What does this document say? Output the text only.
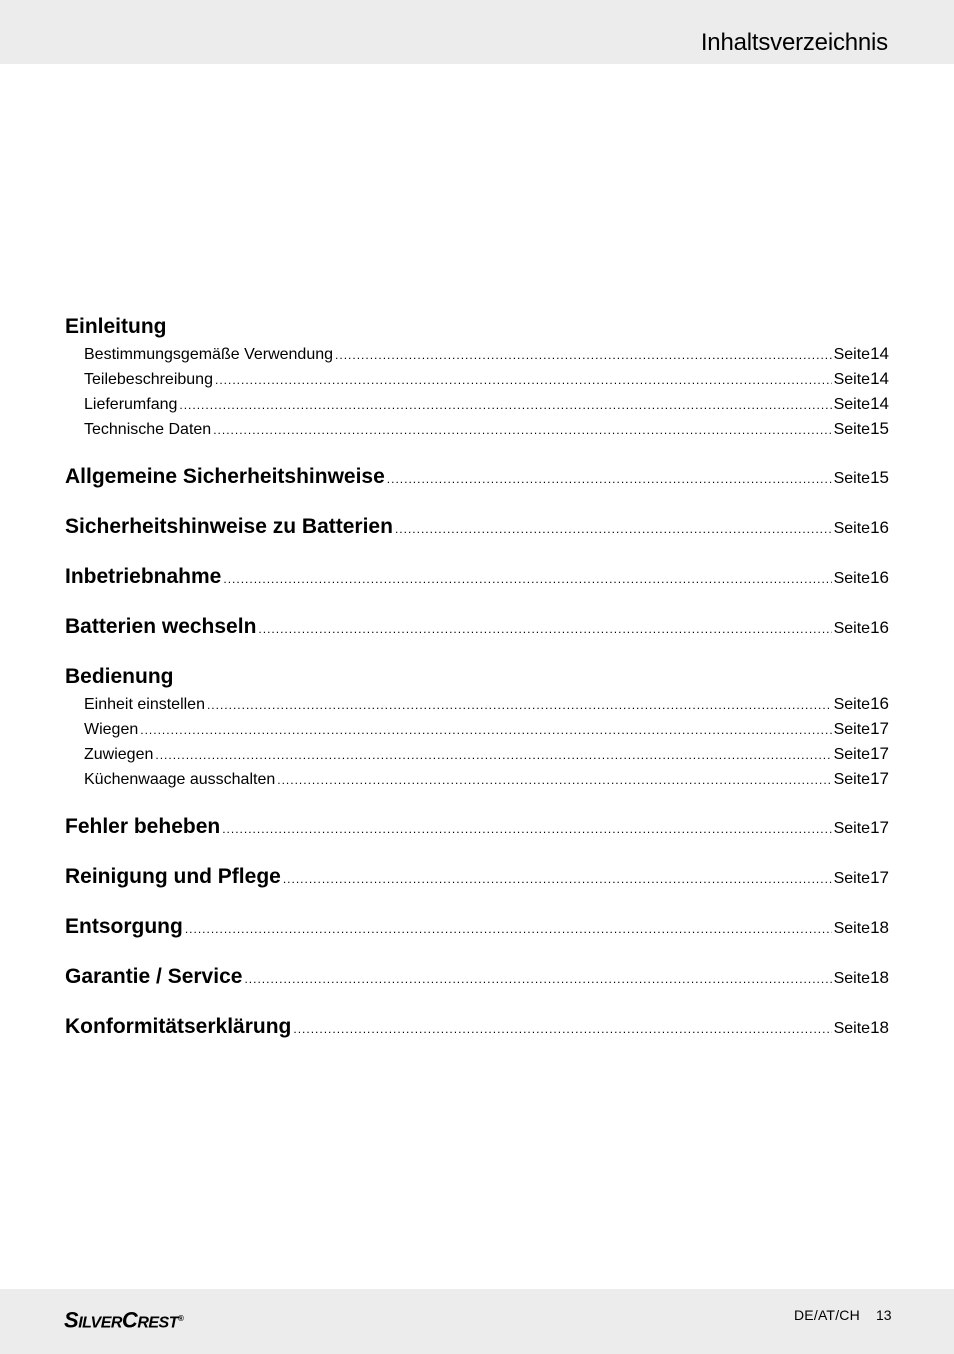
Inhaltsverzeichnis
Einleitung
Bestimmungsgemäße Verwendung .....	Seite 14
Teilebeschreibung .....	Seite 14
Lieferumfang .....	Seite 14
Technische Daten .....	Seite 15
Allgemeine Sicherheitshinweise .....	Seite 15
Sicherheitshinweise zu Batterien .....	Seite 16
Inbetriebnahme .....	Seite 16
Batterien wechseln .....	Seite 16
Bedienung
Einheit einstellen .....	Seite 16
Wiegen .....	Seite 17
Zuwiegen .....	Seite 17
Küchenwaage ausschalten .....	Seite 17
Fehler beheben .....	Seite 17
Reinigung und Pflege .....	Seite 17
Entsorgung .....	Seite 18
Garantie / Service .....	Seite 18
Konformitätserklärung .....	Seite 18
SILVERCREST®	DE/AT/CH 13
